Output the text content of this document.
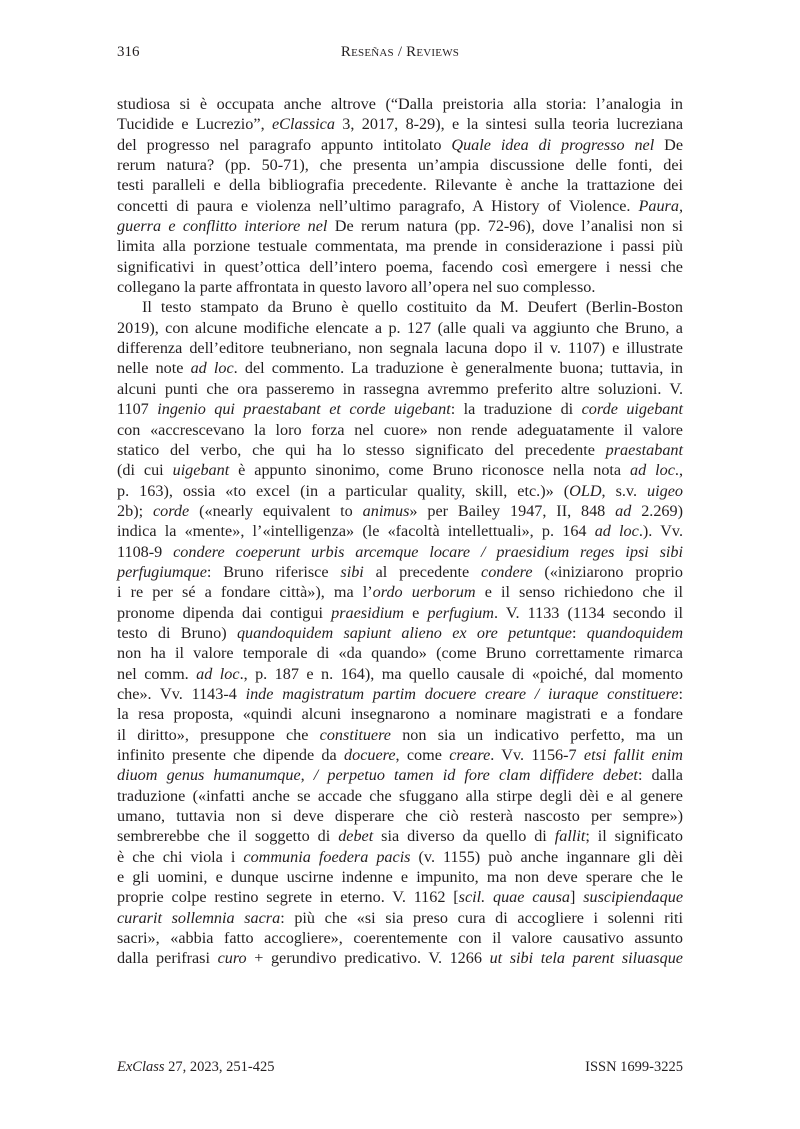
316	Reseñas / Reviews
studiosa si è occupata anche altrove (“Dalla preistoria alla storia: l’analogia in
Tucidide e Lucrezio”, eClassica 3, 2017, 8-29), e la sintesi sulla teoria lucreziana
del progresso nel paragrafo appunto intitolato Quale idea di progresso nel De
rerum natura? (pp. 50-71), che presenta un’ampia discussione delle fonti, dei
testi paralleli e della bibliografia precedente. Rilevante è anche la trattazione dei
concetti di paura e violenza nell’ultimo paragrafo, A History of Violence. Paura,
guerra e conflitto interiore nel De rerum natura (pp. 72-96), dove l’analisi non si
limita alla porzione testuale commentata, ma prende in considerazione i passi più
significativi in quest’ottica dell’intero poema, facendo così emergere i nessi che
collegano la parte affrontata in questo lavoro all’opera nel suo complesso.
Il testo stampato da Bruno è quello costituito da M. Deufert (Berlin-Boston
2019), con alcune modifiche elencate a p. 127 (alle quali va aggiunto che Bruno, a
differenza dell’editore teubneriano, non segnala lacuna dopo il v. 1107) e illustrate
nelle note ad loc. del commento. La traduzione è generalmente buona; tuttavia, in
alcuni punti che ora passeremo in rassegna avremmo preferito altre soluzioni. V.
1107 ingenio qui praestabant et corde uigebant: la traduzione di corde uigebant
con «accrescevano la loro forza nel cuore» non rende adeguatamente il valore
statico del verbo, che qui ha lo stesso significato del precedente praestabant
(di cui uigebant è appunto sinonimo, come Bruno riconosce nella nota ad loc.,
p. 163), ossia «to excel (in a particular quality, skill, etc.)» (OLD, s.v. uigeo
2b); corde («nearly equivalent to animus» per Bailey 1947, II, 848 ad 2.269)
indica la «mente», l’«intelligenza» (le «facoltà intellettuali», p. 164 ad loc.). Vv.
1108-9 condere coeperunt urbis arcemque locare / praesidium reges ipsi sibi
perfugiumque: Bruno riferisce sibi al precedente condere («iniziarono proprio
i re per sé a fondare città»), ma l’ordo uerborum e il senso richiedono che il
pronome dipenda dai contigui praesidium e perfugium. V. 1133 (1134 secondo il
testo di Bruno) quandoquidem sapiunt alieno ex ore petuntque: quandoquidem
non ha il valore temporale di «da quando» (come Bruno correttamente rimarca
nel comm. ad loc., p. 187 e n. 164), ma quello causale di «poiché, dal momento
che». Vv. 1143-4 inde magistratum partim docuere creare / iuraque constituere:
la resa proposta, «quindi alcuni insegnarono a nominare magistrati e a fondare
il diritto», presuppone che constituere non sia un indicativo perfetto, ma un
infinito presente che dipende da docuere, come creare. Vv. 1156-7 etsi fallit enim
diuom genus humanumque, / perpetuo tamen id fore clam diffidere debet: dalla
traduzione («infatti anche se accade che sfuggano alla stirpe degli dèi e al genere
umano, tuttavia non si deve disperare che ciò resterà nascosto per sempre»)
sembrerebbe che il soggetto di debet sia diverso da quello di fallit; il significato
è che chi viola i communia foedera pacis (v. 1155) può anche ingannare gli dèi
e gli uomini, e dunque uscirne indenne e impunito, ma non deve sperare che le
proprie colpe restino segrete in eterno. V. 1162 [scil. quae causa] suscipiendaque
curarit sollemnia sacra: più che «si sia preso cura di accogliere i solenni riti
sacri», «abbia fatto accogliere», coerentemente con il valore causativo assunto
dalla perifrasi curo + gerundivo predicativo. V. 1266 ut sibi tela parent siluasque
ExClass 27, 2023, 251-425	ISSN 1699-3225
